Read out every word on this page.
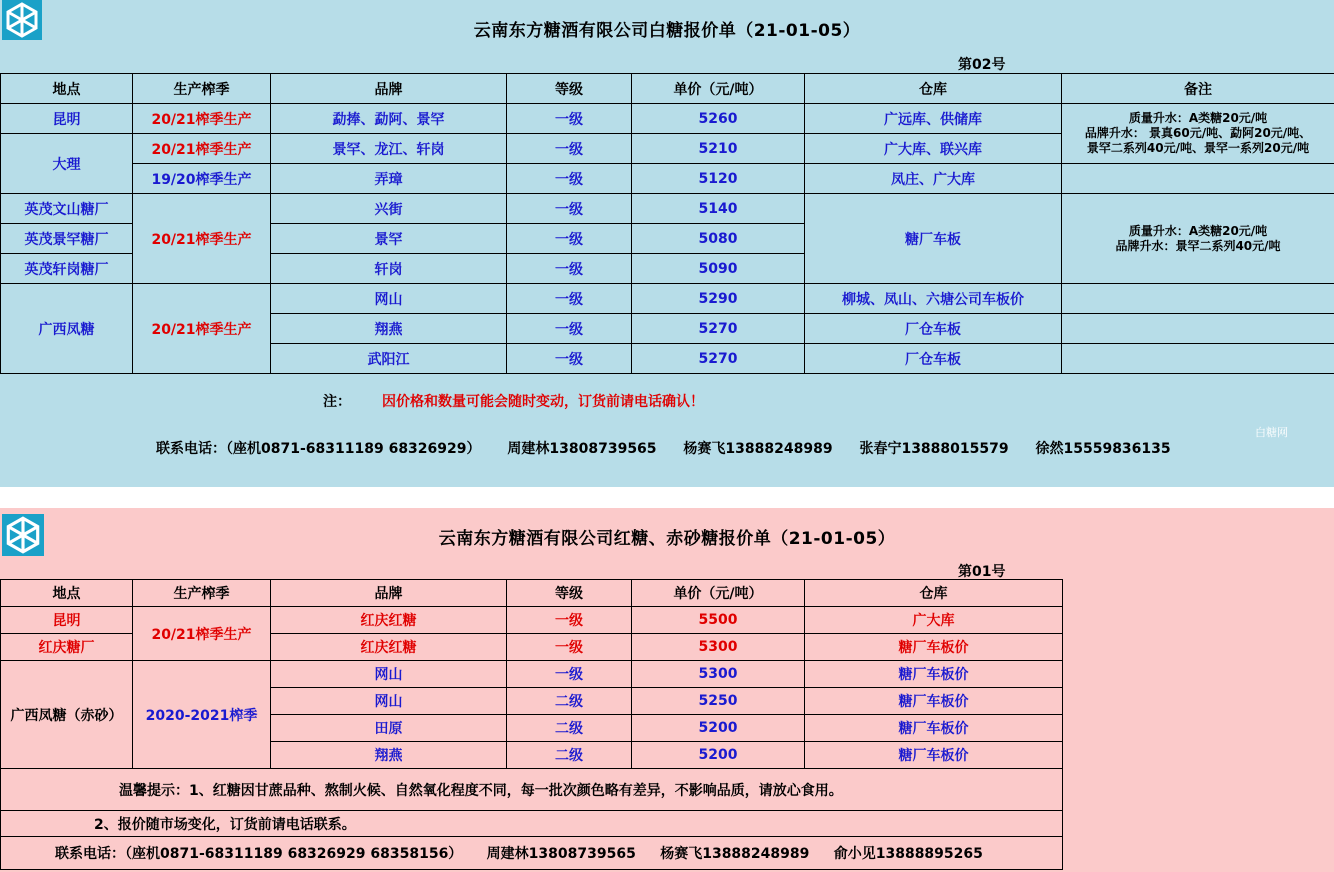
云南东方糖酒有限公司白糖报价单（21-01-05）
第02号
地点	生产榨季	品牌	等级	单价（元/吨）	仓库	备注
昆明	20/21榨季生产	勐捧、勐阿、景罕	一级	5260	广远库、供储库	质量升水：A类糖20元/吨
品牌升水： 景真60元/吨、勐阿20元/吨、
景罕二系列40元/吨、景罕一系列20元/吨

大理	20/21榨季生产	景罕、龙江、轩岗	一级	5210	广大库、联兴库	
	19/20榨季生产	弄璋	一级	5120	凤庄、广大库	
英茂文山糖厂	20/21榨季生产	兴街	一级	5140	糖厂车板	质量升水：A类糖20元/吨
品牌升水：景罕二系列40元/吨

英茂景罕糖厂		景罕	一级	5080		
英茂轩岗糖厂		轩岗	一级	5090		
广西凤糖	20/21榨季生产	网山	一级	5290	柳城、凤山、六塘公司车板价	
		翔燕	一级	5270	厂仓车板	
		武阳江	一级	5270	厂仓车板	
注： 因价格和数量可能会随时变动，订货前请电话确认！
联系电话：（座机0871-68311189 68326929） 周建林13808739565 杨赛飞13888248989 张春宁13888015579 徐然15559836135
白糖网
云南东方糖酒有限公司红糖、赤砂糖报价单（21-01-05）
第01号
地点	生产榨季	品牌	等级	单价（元/吨）	仓库
昆明	20/21榨季生产	红庆红糖	一级	5500	广大库
红庆糖厂		红庆红糖	一级	5300	糖厂车板价
广西凤糖（赤砂）	2020-2021榨季	网山	一级	5300	糖厂车板价
		网山	二级	5250	糖厂车板价
		田原	二级	5200	糖厂车板价
		翔燕	二级	5200	糖厂车板价
温馨提示：1、红糖因甘蔗品种、熬制火候、自然氧化程度不同，每一批次颜色略有差异，不影响品质，请放心食用。					
2、报价随市场变化，订货前请电话联系。					
联系电话：（座机0871-68311189 68326929 68358156）     周建林13808739565     杨赛飞13888248989     俞小见13888895265					
